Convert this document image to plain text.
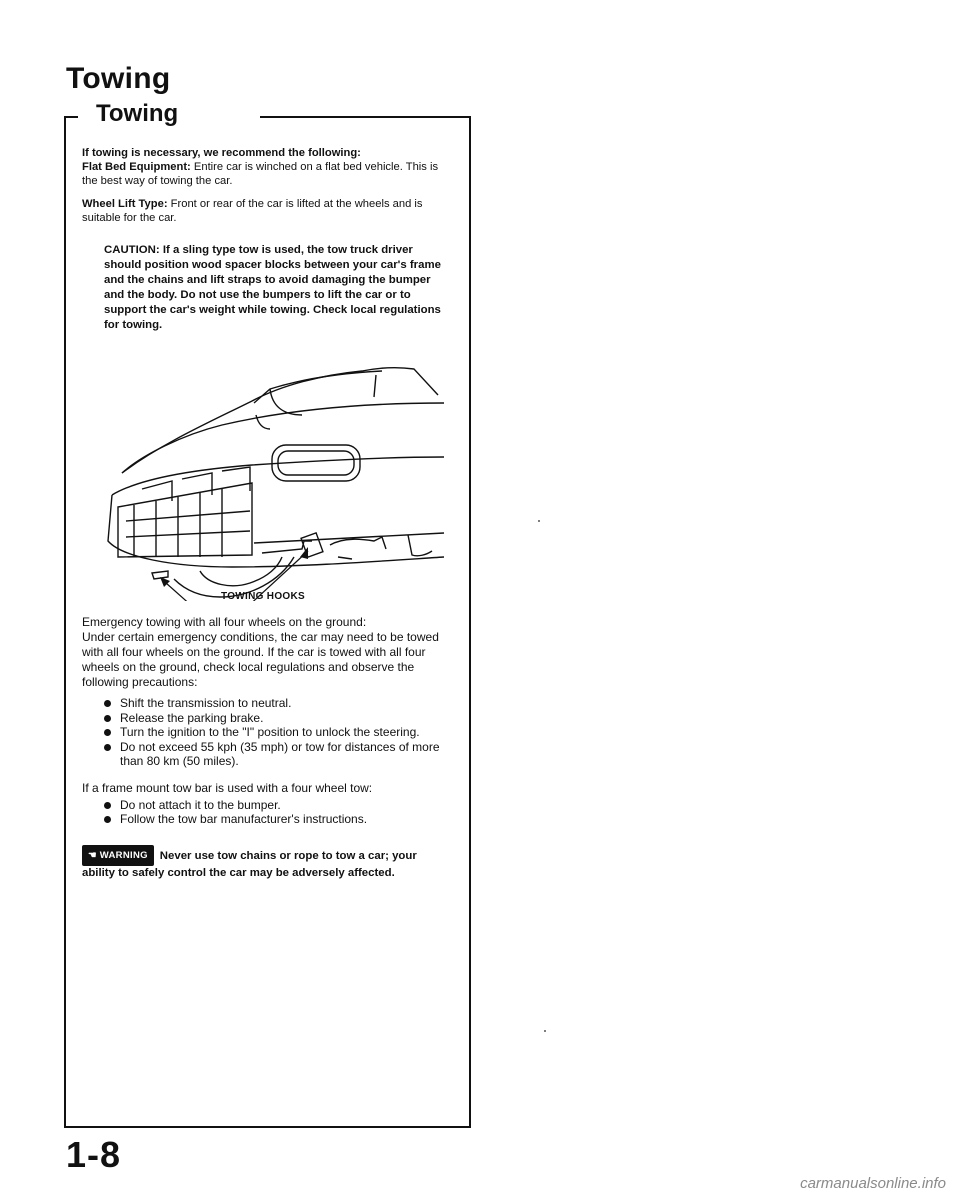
Towing
Towing

If towing is necessary, we recommend the following:
Flat Bed Equipment: Entire car is winched on a flat bed vehicle. This is the best way of towing the car.

Wheel Lift Type: Front or rear of the car is lifted at the wheels and is suitable for the car.

CAUTION: If a sling type tow is used, the tow truck driver should position wood spacer blocks between your car's frame and the chains and lift straps to avoid damaging the bumper and the body. Do not use the bumpers to lift the car or to support the car's weight while towing. Check local regulations for towing.
TOWING HOOKS
Emergency towing with all four wheels on the ground:
Under certain emergency conditions, the car may need to be towed with all four wheels on the ground. If the car is towed with all four wheels on the ground, check local regulations and observe the following precautions:
Shift the transmission to neutral.
Release the parking brake.
Turn the ignition to the "I" position to unlock the steering.
Do not exceed 55 kph (35 mph) or tow for distances of more than 80 km (50 miles).
If a frame mount tow bar is used with a four wheel tow:
Do not attach it to the bumper.
Follow the tow bar manufacturer's instructions.
☚ WARNING Never use tow chains or rope to tow a car; your ability to safely control the car may be adversely affected.
1-8
carmanualsonline.info
